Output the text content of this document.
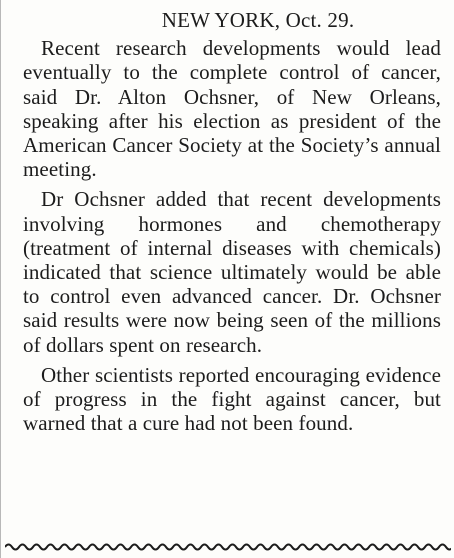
NEW YORK, Oct. 29.

Recent research developments would lead eventually to the complete control of cancer, said Dr. Alton Ochsner, of New Orleans, speaking after his election as president of the American Cancer Society at the Society’s annual meeting.

Dr Ochsner added that recent developments involving hormones and chemotherapy (treatment of internal diseases with chemicals) indicated that science ultimately would be able to control even advanced cancer. Dr. Ochsner said results were now being seen of the millions of dollars spent on research.

Other scientists reported encouraging evidence of progress in the fight against cancer, but warned that a cure had not been found.
